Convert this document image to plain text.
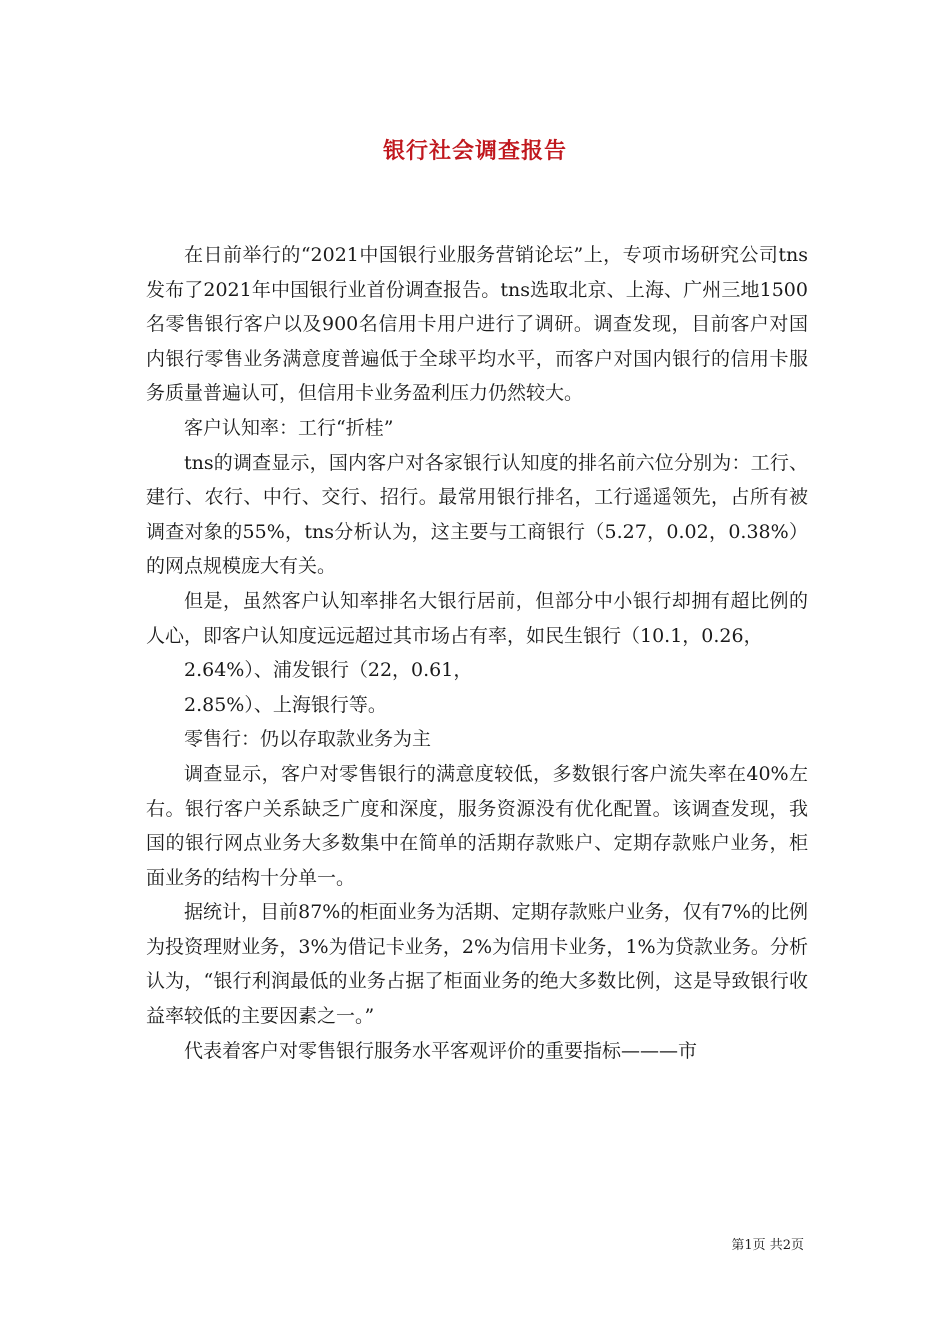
银行社会调查报告

在日前举行的“2021中国银行业服务营销论坛”上，专项市场研究公司tns发布了2021年中国银行业首份调查报告。tns选取北京、上海、广州三地1500名零售银行客户以及900名信用卡用户进行了调研。调查发现，目前客户对国内银行零售业务满意度普遍低于全球平均水平，而客户对国内银行的信用卡服务质量普遍认可，但信用卡业务盈利压力仍然较大。

客户认知率：工行“折桂”

tns的调查显示，国内客户对各家银行认知度的排名前六位分别为：工行、建行、农行、中行、交行、招行。最常用银行排名，工行遥遥领先，占所有被调查对象的55%，tns分析认为，这主要与工商银行（5.27，0.02，0.38%）的网点规模庞大有关。

但是，虽然客户认知率排名大银行居前，但部分中小银行却拥有超比例的人心，即客户认知度远远超过其市场占有率，如民生银行（10.1，0.26，

2.64%）、浦发银行（22，0.61，

2.85%）、上海银行等。

零售行：仍以存取款业务为主

调查显示，客户对零售银行的满意度较低，多数银行客户流失率在40%左右。银行客户关系缺乏广度和深度，服务资源没有优化配置。该调查发现，我国的银行网点业务大多数集中在简单的活期存款账户、定期存款账户业务，柜面业务的结构十分单一。

据统计，目前87%的柜面业务为活期、定期存款账户业务，仅有7%的比例为投资理财业务，3%为借记卡业务，2%为信用卡业务，1%为贷款业务。分析认为，“银行利润最低的业务占据了柜面业务的绝大多数比例，这是导致银行收益率较低的主要因素之一。”

代表着客户对零售银行服务水平客观评价的重要指标———市

第1页 共2页
